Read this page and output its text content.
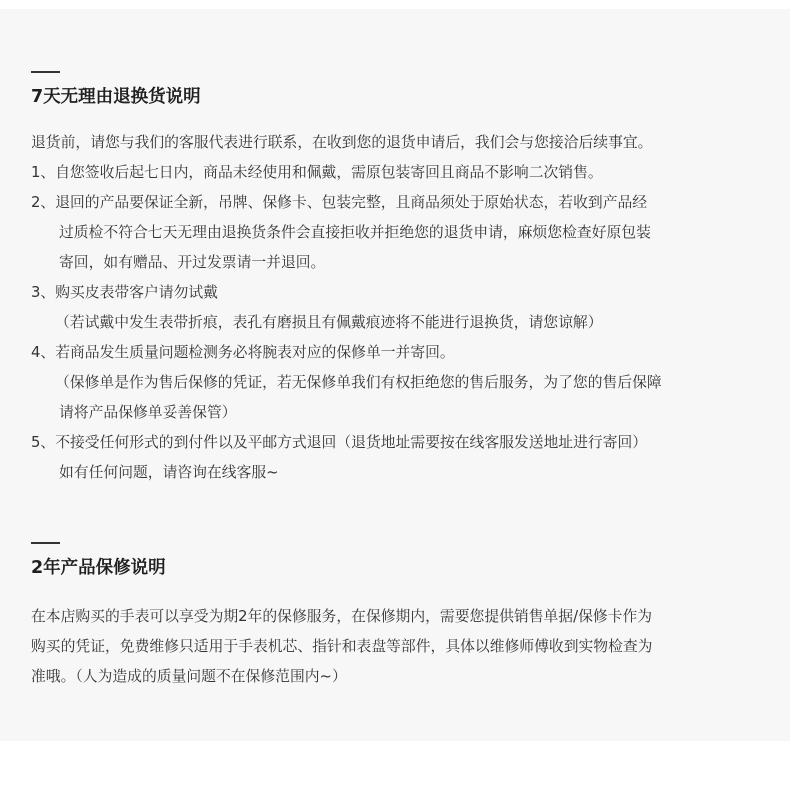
7天无理由退换货说明
退货前，请您与我们的客服代表进行联系，在收到您的退货申请后，我们会与您接洽后续事宜。
1、自您签收后起七日内，商品未经使用和佩戴，需原包装寄回且商品不影响二次销售。
2、退回的产品要保证全新，吊牌、保修卡、包装完整，且商品须处于原始状态，若收到产品经
过质检不符合七天无理由退换货条件会直接拒收并拒绝您的退货申请，麻烦您检查好原包装
寄回，如有赠品、开过发票请一并退回。
3、购买皮表带客户请勿试戴
（若试戴中发生表带折痕，表孔有磨损且有佩戴痕迹将不能进行退换货，请您谅解）
4、若商品发生质量问题检测务必将腕表对应的保修单一并寄回。
（保修单是作为售后保修的凭证，若无保修单我们有权拒绝您的售后服务，为了您的售后保障
请将产品保修单妥善保管）
5、不接受任何形式的到付件以及平邮方式退回（退货地址需要按在线客服发送地址进行寄回）
如有任何问题，请咨询在线客服~
2年产品保修说明
在本店购买的手表可以享受为期2年的保修服务，在保修期内，需要您提供销售单据/保修卡作为
购买的凭证，免费维修只适用于手表机芯、指针和表盘等部件，具体以维修师傅收到实物检查为
准哦。（人为造成的质量问题不在保修范围内~）
